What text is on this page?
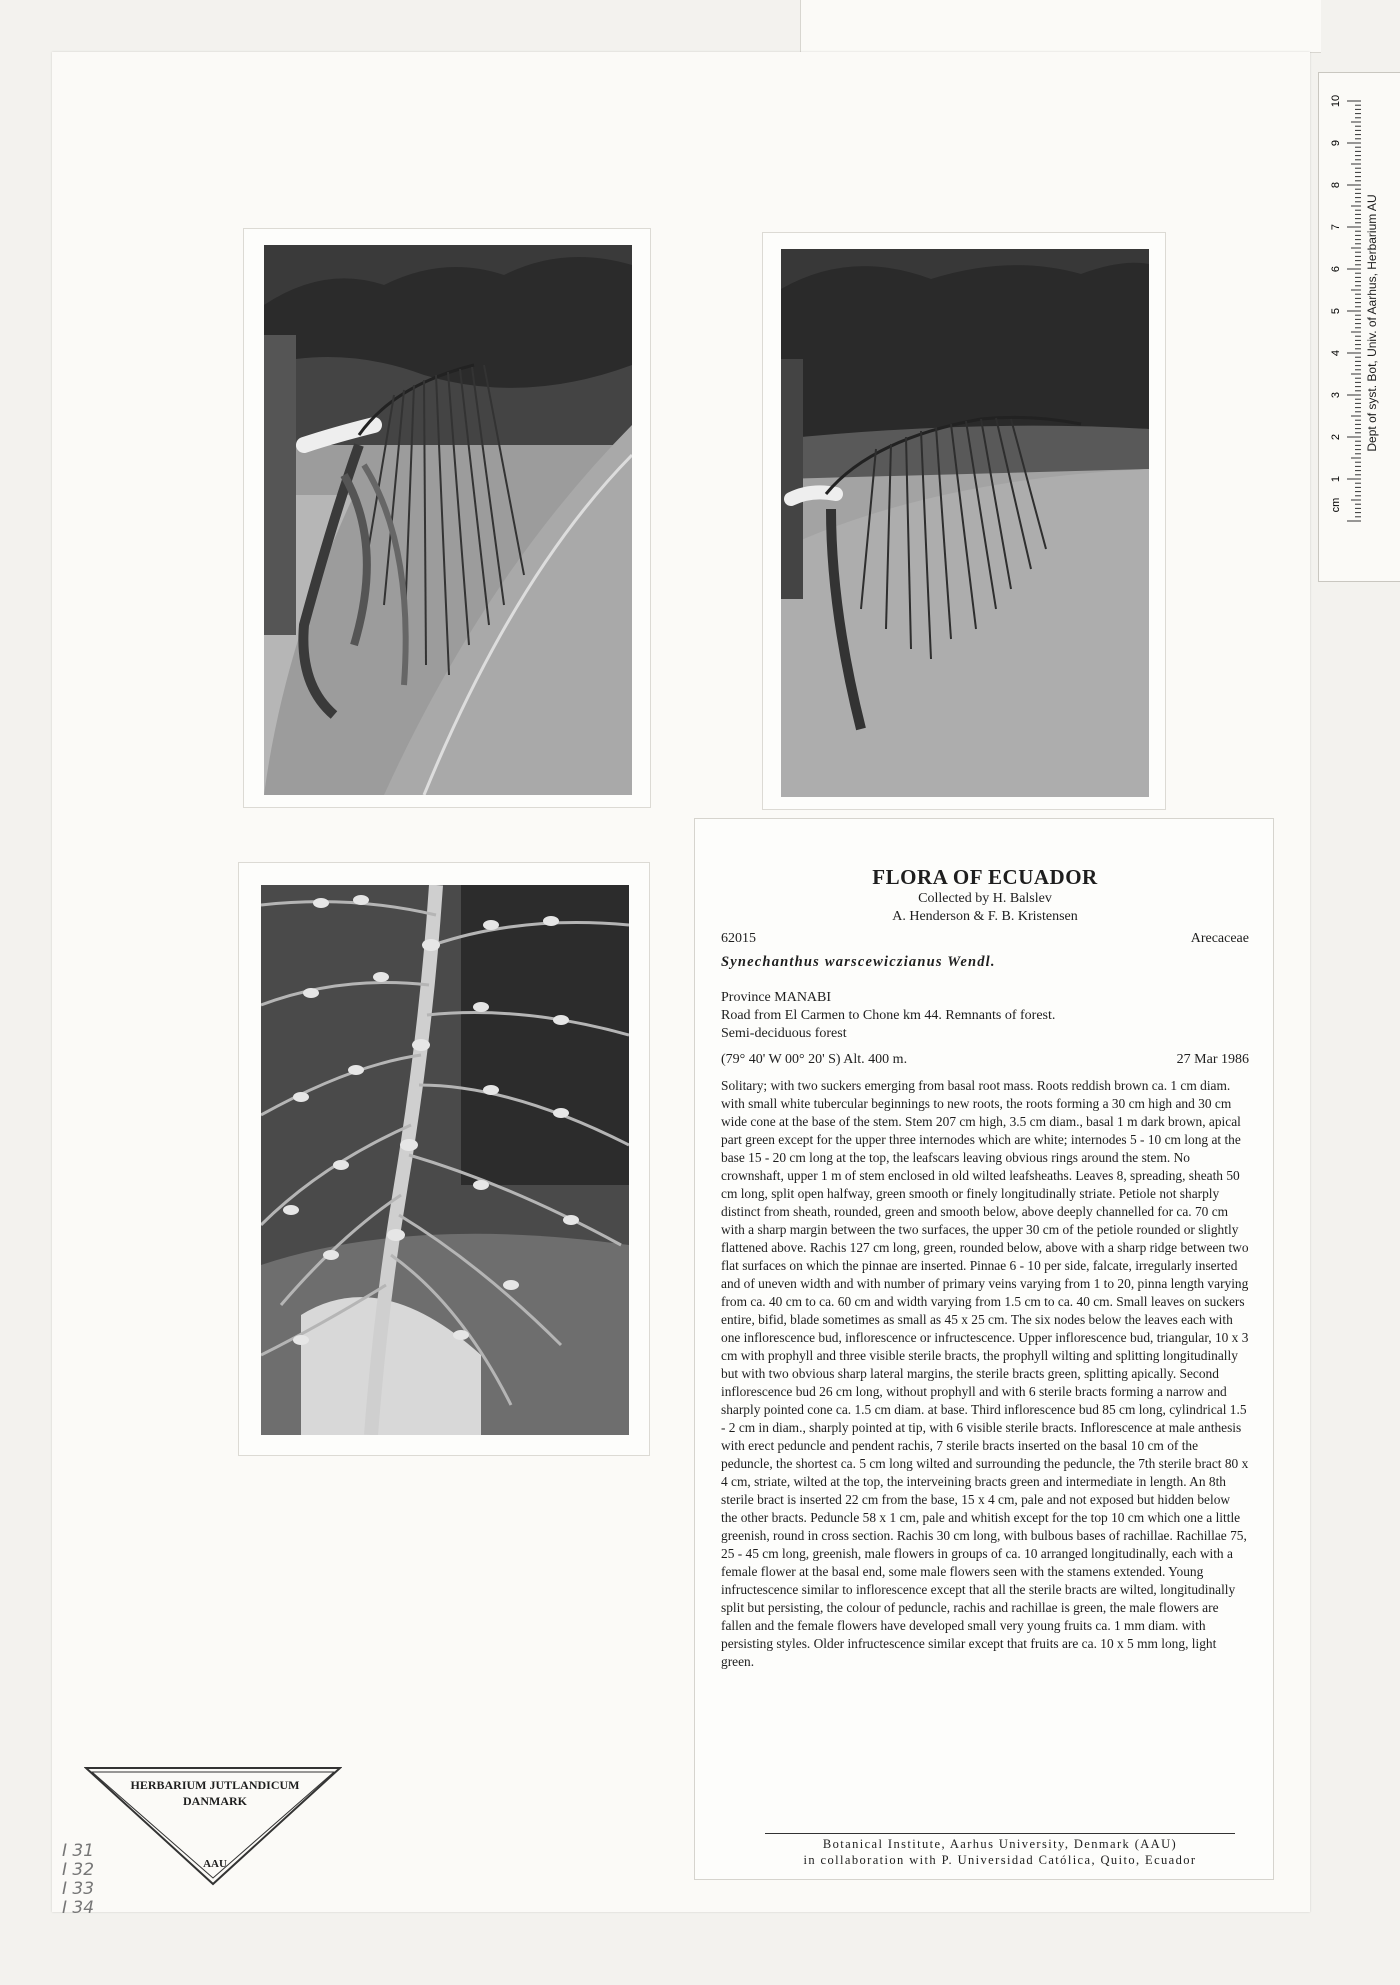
1
2
3
4
5
6
7
8
9
10
cm
Dept of syst. Bot, Univ. of Aarhus, Herbarium AU
FLORA OF ECUADOR
Collected by H. Balslev
A. Henderson & F. B. Kristensen
62015	Arecaceae
Synechanthus warscewiczianus Wendl.
Province MANABI
Road from El Carmen to Chone km 44. Remnants of forest.
Semi-deciduous forest
(79° 40' W 00° 20' S) Alt. 400 m.	27 Mar 1986
Solitary; with two suckers emerging from basal root mass. Roots reddish brown ca. 1 cm diam. with small white tubercular beginnings to new roots, the roots forming a 30 cm high and 30 cm wide cone at the base of the stem. Stem 207 cm high, 3.5 cm diam., basal 1 m dark brown, apical part green except for the upper three internodes which are white; internodes 5 - 10 cm long at the base 15 - 20 cm long at the top, the leafscars leaving obvious rings around the stem. No crownshaft, upper 1 m of stem enclosed in old wilted leafsheaths. Leaves 8, spreading, sheath 50 cm long, split open halfway, green smooth or finely longitudinally striate. Petiole not sharply distinct from sheath, rounded, green and smooth below, above deeply channelled for ca. 70 cm with a sharp margin between the two surfaces, the upper 30 cm of the petiole rounded or slightly flattened above. Rachis 127 cm long, green, rounded below, above with a sharp ridge between two flat surfaces on which the pinnae are inserted. Pinnae 6 - 10 per side, falcate, irregularly inserted and of uneven width and with number of primary veins varying from 1 to 20, pinna length varying from ca. 40 cm to ca. 60 cm and width varying from 1.5 cm to ca. 40 cm. Small leaves on suckers entire, bifid, blade sometimes as small as 45 x 25 cm. The six nodes below the leaves each with one inflorescence bud, inflorescence or infructescence. Upper inflorescence bud, triangular, 10 x 3 cm with prophyll and three visible sterile bracts, the prophyll wilting and splitting longitudinally but with two obvious sharp lateral margins, the sterile bracts green, splitting apically. Second inflorescence bud 26 cm long, without prophyll and with 6 sterile bracts forming a narrow and sharply pointed cone ca. 1.5 cm diam. at base. Third inflorescence bud 85 cm long, cylindrical 1.5 - 2 cm in diam., sharply pointed at tip, with 6 visible sterile bracts. Inflorescence at male anthesis with erect peduncle and pendent rachis, 7 sterile bracts inserted on the basal 10 cm of the peduncle, the shortest ca. 5 cm long wilted and surrounding the peduncle, the 7th sterile bract 80 x 4 cm, striate, wilted at the top, the interveining bracts green and intermediate in length. An 8th sterile bract is inserted 22 cm from the base, 15 x 4 cm, pale and not exposed but hidden below the other bracts. Peduncle 58 x 1 cm, pale and whitish except for the top 10 cm which one a little greenish, round in cross section. Rachis 30 cm long, with bulbous bases of rachillae. Rachillae 75, 25 - 45 cm long, greenish, male flowers in groups of ca. 10 arranged longitudinally, each with a female flower at the basal end, some male flowers seen with the stamens extended. Young infructescence similar to inflorescence except that all the sterile bracts are wilted, longitudinally split but persisting, the colour of peduncle, rachis and rachillae is green, the male flowers are fallen and the female flowers have developed small very young fruits ca. 1 mm diam. with persisting styles. Older infructescence similar except that fruits are ca. 10 x 5 mm long, light green.
Botanical Institute, Aarhus University, Denmark (AAU)
in collaboration with P. Universidad Católica, Quito, Ecuador
HERBARIUM JUTLANDICUM
DANMARK
AAU
I 31
I 32
I 33
I 34
